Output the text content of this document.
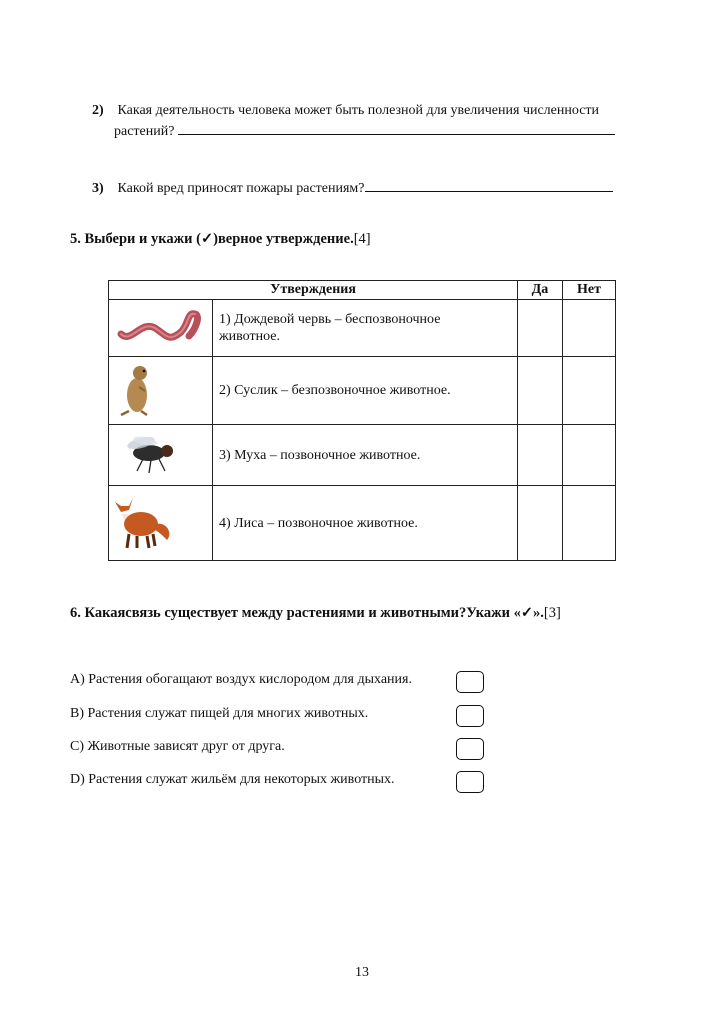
2) Какая деятельность человека может быть полезной для увеличения численности
растений?
3) Какой вред приносят пожары растениям?
5. Выбери и укажи (✓)верное утверждение.[4]
Утверждения		Да	Нет

1) Дождевой червь – беспозвоночное
животное.		

2) Суслик – безпозвоночное животное.		

3) Муха – позвоночное животное.		

4) Лиса – позвоночное животное.		

6. Какаясвязь существует между растениями и животными?Укажи «✓».[3]
A) Растения обогащают воздух кислородом для дыхания.
B) Растения служат пищей для многих животных.
C) Животные зависят друг от друга.
D) Растения служат жильём для некоторых животных.
13
